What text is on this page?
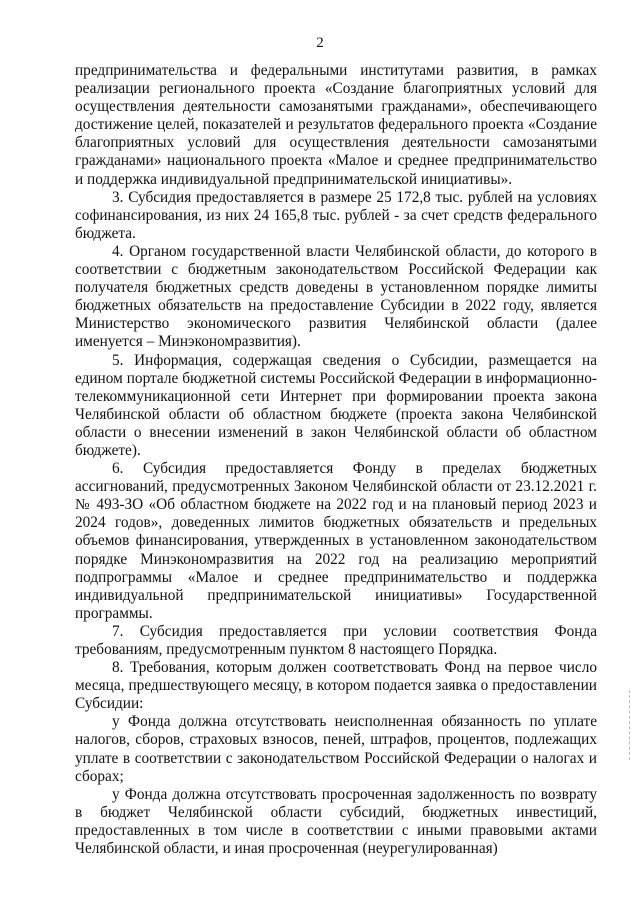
2

предпринимательства и федеральными институтами развития, в рамках реализации регионального проекта «Создание благоприятных условий для осуществления деятельности самозанятыми гражданами», обеспечивающего достижение целей, показателей и результатов федерального проекта «Создание благоприятных условий для осуществления деятельности самозанятыми гражданами» национального проекта «Малое и среднее предпринимательство и поддержка индивидуальной предпринимательской инициативы».

3. Субсидия предоставляется в размере 25 172,8 тыс. рублей на условиях софинансирования, из них 24 165,8 тыс. рублей - за счет средств федерального бюджета.

4. Органом государственной власти Челябинской области, до которого в соответствии с бюджетным законодательством Российской Федерации как получателя бюджетных средств доведены в установленном порядке лимиты бюджетных обязательств на предоставление Субсидии в 2022 году, является Министерство экономического развития Челябинской области (далее именуется – Минэкономразвития).

5. Информация, содержащая сведения о Субсидии, размещается на едином портале бюджетной системы Российской Федерации в информационно-телекоммуникационной сети Интернет при формировании проекта закона Челябинской области об областном бюджете (проекта закона Челябинской области о внесении изменений в закон Челябинской области об областном бюджете).

6. Субсидия предоставляется Фонду в пределах бюджетных ассигнований, предусмотренных Законом Челябинской области от 23.12.2021 г. № 493-ЗО «Об областном бюджете на 2022 год и на плановый период 2023 и 2024 годов», доведенных лимитов бюджетных обязательств и предельных объемов финансирования, утвержденных в установленном законодательством порядке Минэкономразвития на 2022 год на реализацию мероприятий подпрограммы «Малое и среднее предпринимательство и поддержка индивидуальной предпринимательской инициативы» Государственной программы.

7. Субсидия предоставляется при условии соответствия Фонда требованиям, предусмотренным пунктом 8 настоящего Порядка.

8. Требования, которым должен соответствовать Фонд на первое число месяца, предшествующего месяцу, в котором подается заявка о предоставлении Субсидии:

у Фонда должна отсутствовать неисполненная обязанность по уплате налогов, сборов, страховых взносов, пеней, штрафов, процентов, подлежащих уплате в соответствии с законодательством Российской Федерации о налогах и сборах;

у Фонда должна отсутствовать просроченная задолженность по возврату в бюджет Челябинской области субсидий, бюджетных инвестиций, предоставленных в том числе в соответствии с иными правовыми актами Челябинской области, и иная просроченная (неурегулированная)
